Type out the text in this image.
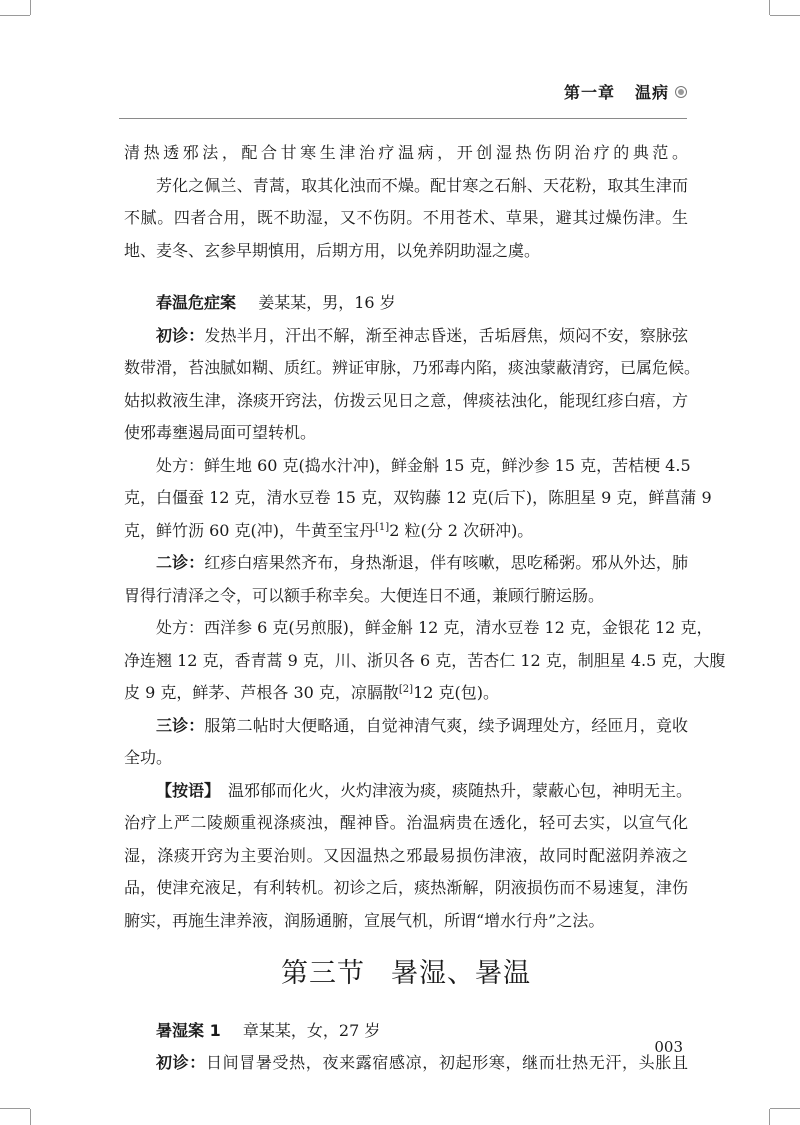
第一章 温病
清热透邪法，配合甘寒生津治疗温病，开创湿热伤阴治疗的典范。
芳化之佩兰、青蒿，取其化浊而不燥。配甘寒之石斛、天花粉，取其生津而
不腻。四者合用，既不助湿，又不伤阴。不用苍术、草果，避其过燥伤津。生
地、麦冬、玄参早期慎用，后期方用，以免养阴助湿之虞。
春温危症案 姜某某，男，16 岁
初诊：发热半月，汗出不解，渐至神志昏迷，舌垢唇焦，烦闷不安，察脉弦
数带滑，苔浊腻如糊、质红。辨证审脉，乃邪毒内陷，痰浊蒙蔽清窍，已属危候。
姑拟救液生津，涤痰开窍法，仿拨云见日之意，俾痰祛浊化，能现红疹白痦，方
使邪毒壅遏局面可望转机。
处方：鲜生地 60 克(捣水汁冲)，鲜金斛 15 克，鲜沙参 15 克，苦桔梗 4.5
克，白僵蚕 12 克，清水豆卷 15 克，双钩藤 12 克(后下)，陈胆星 9 克，鲜菖蒲 9
克，鲜竹沥 60 克(冲)，牛黄至宝丹[1]2 粒(分 2 次研冲)。
二诊：红疹白痦果然齐布，身热渐退，伴有咳嗽，思吃稀粥。邪从外达，肺
胃得行清泽之令，可以额手称幸矣。大便连日不通，兼顾行腑运肠。
处方：西洋参 6 克(另煎服)，鲜金斛 12 克，清水豆卷 12 克，金银花 12 克，
净连翘 12 克，香青蒿 9 克，川、浙贝各 6 克，苦杏仁 12 克，制胆星 4.5 克，大腹
皮 9 克，鲜茅、芦根各 30 克，凉膈散[2]12 克(包)。
三诊：服第二帖时大便略通，自觉神清气爽，续予调理处方，经匝月，竟收
全功。
【按语】 温邪郁而化火，火灼津液为痰，痰随热升，蒙蔽心包，神明无主。
治疗上严二陵颇重视涤痰浊，醒神昏。治温病贵在透化，轻可去实，以宣气化
湿，涤痰开窍为主要治则。又因温热之邪最易损伤津液，故同时配滋阴养液之
品，使津充液足，有利转机。初诊之后，痰热渐解，阴液损伤而不易速复，津伤
腑实，再施生津养液，润肠通腑，宣展气机，所谓“增水行舟”之法。
第三节 暑湿、暑温
暑湿案 1 章某某，女，27 岁
初诊：日间冒暑受热，夜来露宿感凉，初起形寒，继而壮热无汗，头胀且
003
